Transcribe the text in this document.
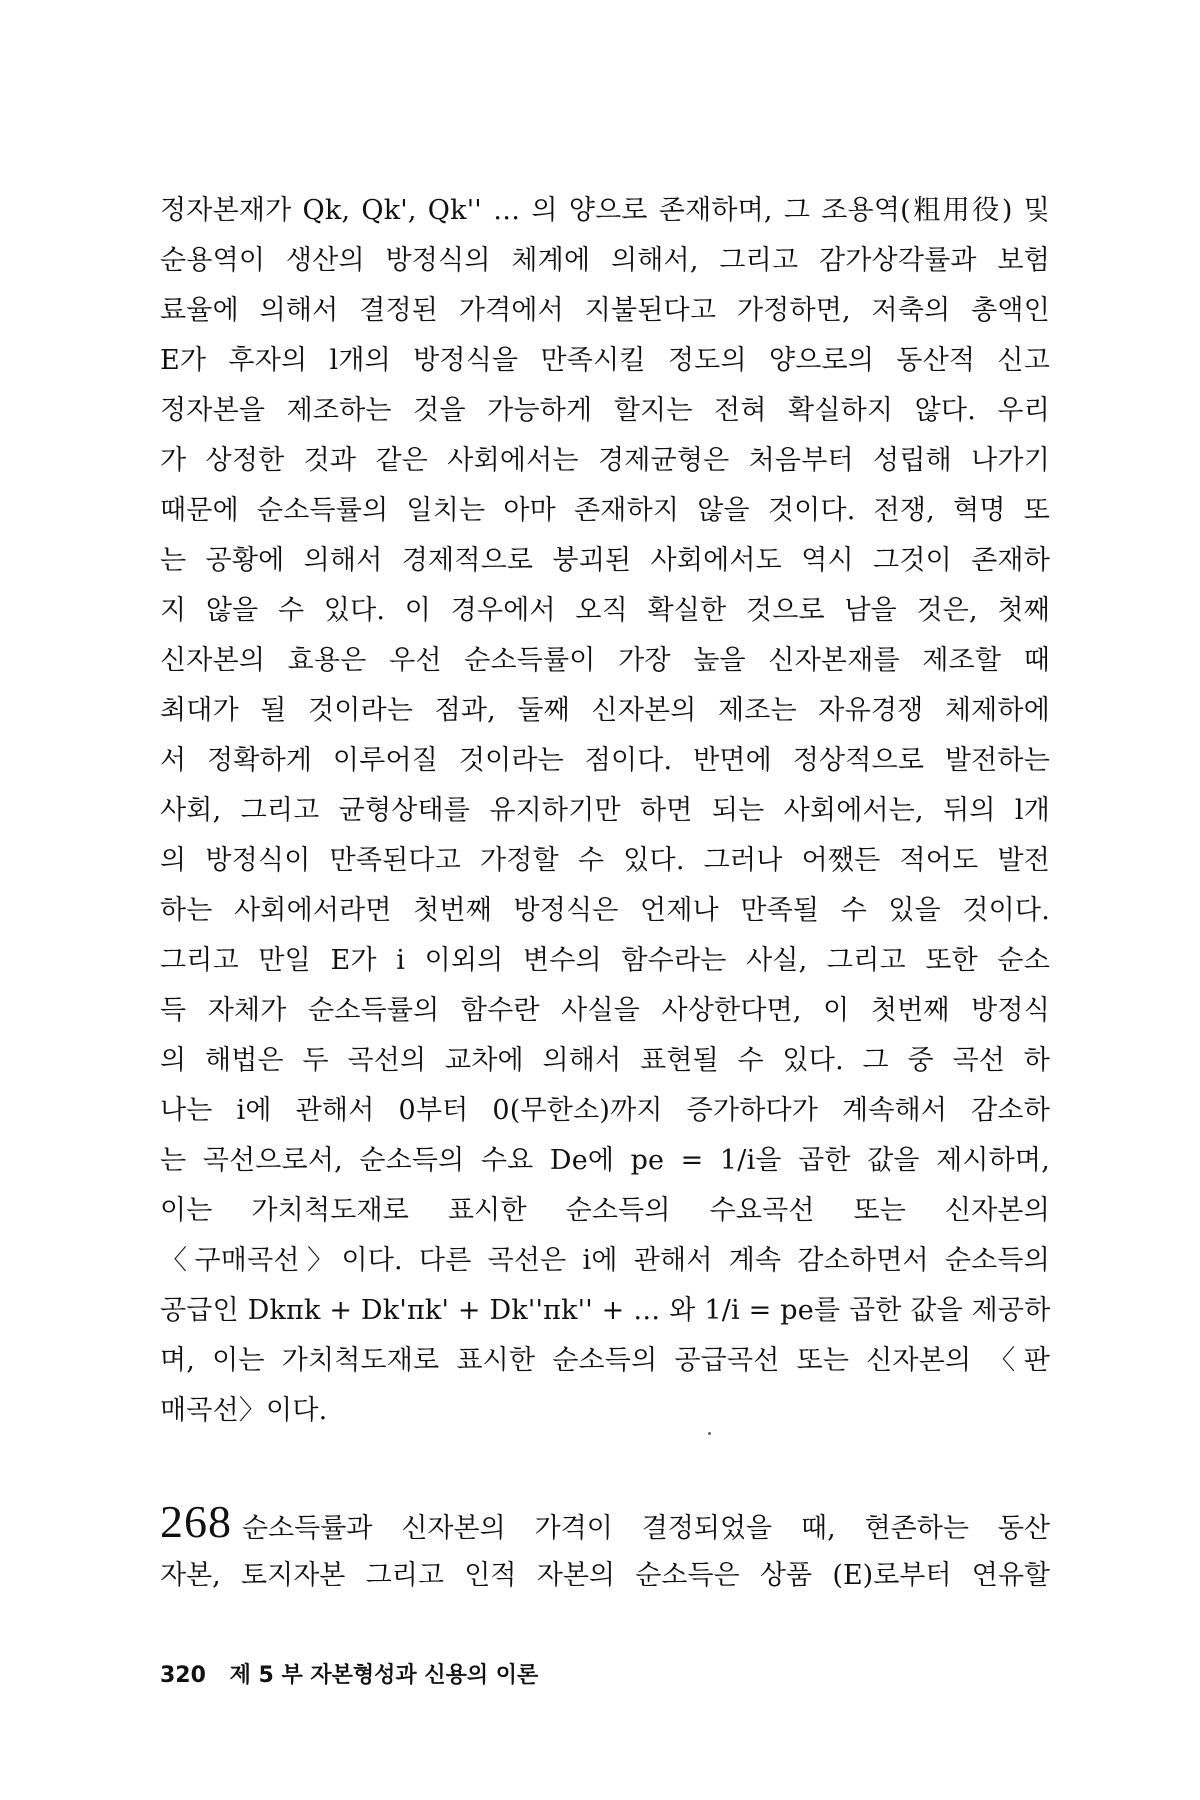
정자본재가 Qk, Qk', Qk'' … 의 양으로 존재하며, 그 조용역(粗用役) 및
순용역이 생산의 방정식의 체계에 의해서, 그리고 감가상각률과 보험
료율에 의해서 결정된 가격에서 지불된다고 가정하면, 저축의 총액인
E가 후자의 l개의 방정식을 만족시킬 정도의 양으로의 동산적 신고
정자본을 제조하는 것을 가능하게 할지는 전혀 확실하지 않다. 우리
가 상정한 것과 같은 사회에서는 경제균형은 처음부터 성립해 나가기
때문에 순소득률의 일치는 아마 존재하지 않을 것이다. 전쟁, 혁명 또
는 공황에 의해서 경제적으로 붕괴된 사회에서도 역시 그것이 존재하
지 않을 수 있다. 이 경우에서 오직 확실한 것으로 남을 것은, 첫째
신자본의 효용은 우선 순소득률이 가장 높을 신자본재를 제조할 때
최대가 될 것이라는 점과, 둘째 신자본의 제조는 자유경쟁 체제하에
서 정확하게 이루어질 것이라는 점이다. 반면에 정상적으로 발전하는
사회, 그리고 균형상태를 유지하기만 하면 되는 사회에서는, 뒤의 l개
의 방정식이 만족된다고 가정할 수 있다. 그러나 어쨌든 적어도 발전
하는 사회에서라면 첫번째 방정식은 언제나 만족될 수 있을 것이다.
그리고 만일 E가 i 이외의 변수의 함수라는 사실, 그리고 또한 순소
득 자체가 순소득률의 함수란 사실을 사상한다면, 이 첫번째 방정식
의 해법은 두 곡선의 교차에 의해서 표현될 수 있다. 그 중 곡선 하
나는 i에 관해서 0부터 0(무한소)까지 증가하다가 계속해서 감소하
는 곡선으로서, 순소득의 수요 De에 pe = 1/i을 곱한 값을 제시하며,
이는 가치척도재로 표시한 순소득의 수요곡선 또는 신자본의
〈구매곡선〉이다. 다른 곡선은 i에 관해서 계속 감소하면서 순소득의
공급인 Dkπk + Dk'πk' + Dk''πk'' + … 와 1/i = pe를 곱한 값을 제공하
며, 이는 가치척도재로 표시한 순소득의 공급곡선 또는 신자본의 〈판
매곡선〉이다.
268 순소득률과 신자본의 가격이 결정되었을 때, 현존하는 동산
자본, 토지자본 그리고 인적 자본의 순소득은 상품 (E)로부터 연유할
320 제 5 부 자본형성과 신용의 이론
